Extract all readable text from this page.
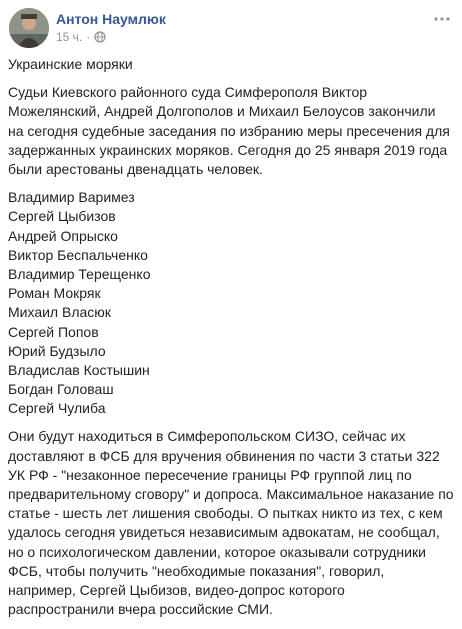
Антон Наумлюк
15 ч. ·

Украинские моряки

Судьи Киевского районного суда Симферополя Виктор Можелянский, Андрей Долгополов и Михаил Белоусов закончили на сегодня судебные заседания по избранию меры пресечения для задержанных украинских моряков. Сегодня до 25 января 2019 года были арестованы двенадцать человек.

Владимир Варимез
Сергей Цыбизов
Андрей Опрыско
Виктор Беспальченко
Владимир Терещенко
Роман Мокряк
Михаил Власюк
Сергей Попов
Юрий Будзыло
Владислав Костышин
Богдан Головаш
Сергей Чулиба

Они будут находиться в Симферопольском СИЗО, сейчас их доставляют в ФСБ для вручения обвинения по части 3 статьи 322 УК РФ - "незаконное пересечение границы РФ группой лиц по предварительному сговору" и допроса. Максимальное наказание по статье - шесть лет лишения свободы. О пытках никто из тех, с кем удалось сегодня увидеться независимым адвокатам, не сообщал, но о психологическом давлении, которое оказывали сотрудники ФСБ, чтобы получить "необходимые показания", говорил, например, Сергей Цыбизов, видео-допрос которого распространили вчера российские СМИ.
